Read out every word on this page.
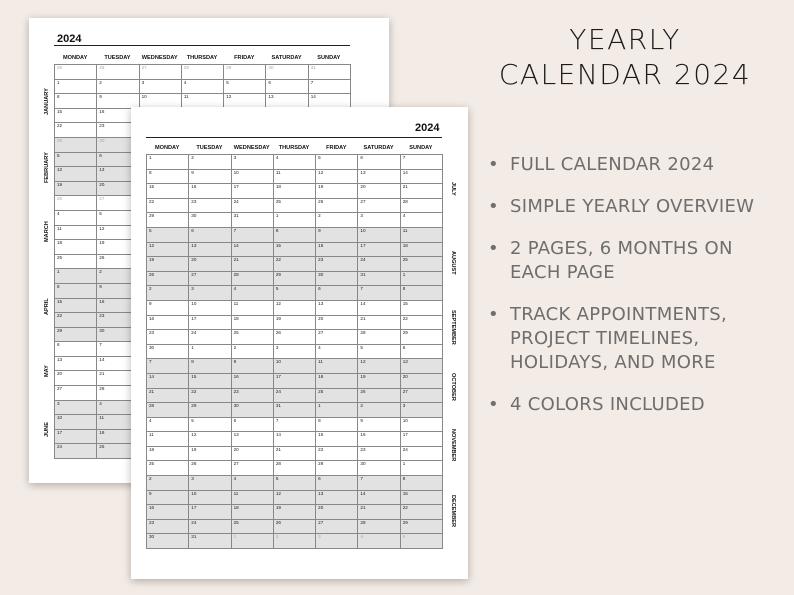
2024
MONDAY	TUESDAY	WEDNESDAY	THURSDAY	FRIDAY	SATURDAY	SUNDAY
25	26	27	28	29	30	31
1	2	3	4	5	6	7
8	9	10	11	12	13	14
15	16
22	23
29	30
5	6
12	13
19	20
26	27
4	5
11	12
18	19
25	26
1	2
8	9
15	16
22	23
29	30
6	7
13	14
20	21
27	28
3	4
10	11
17	18
24	25
JANUARY
FEBRUARY
MARCH
APRIL
MAY
JUNE
2024
MONDAY	TUESDAY	WEDNESDAY	THURSDAY	FRIDAY	SATURDAY	SUNDAY
1	2	3	4	5	6	7
8	9	10	11	12	13	14
15	16	17	18	19	20	21
22	23	24	25	26	27	28
29	30	31	1	2	3	4
5	6	7	8	9	10	11
12	13	14	15	16	17	18
19	20	21	22	23	24	25
26	27	28	29	30	31	1
2	3	4	5	6	7	8
9	10	11	12	13	14	15
16	17	18	19	20	21	22
23	24	25	26	27	28	29
30	1	2	3	4	5	6
7	8	9	10	11	12	13
14	15	16	17	18	19	20
21	22	23	24	25	26	27
28	29	30	31	1	2	3
4	5	6	7	8	9	10
11	12	13	14	15	16	17
18	19	20	21	22	23	24
25	26	27	28	29	30	1
2	3	4	5	6	7	8
9	10	11	12	13	14	15
16	17	18	19	20	21	22
23	24	25	26	27	28	29
30	31	1	2	3	4	5
JULY
AUGUST
SEPTEMBER
OCTOBER
NOVEMBER
DECEMBER
YEARLY
CALENDAR 2024
• FULL CALENDAR 2024
• SIMPLE YEARLY OVERVIEW
• 2 PAGES, 6 MONTHS ON EACH PAGE
• TRACK APPOINTMENTS, PROJECT TIMELINES, HOLIDAYS, AND MORE
• 4 COLORS INCLUDED
